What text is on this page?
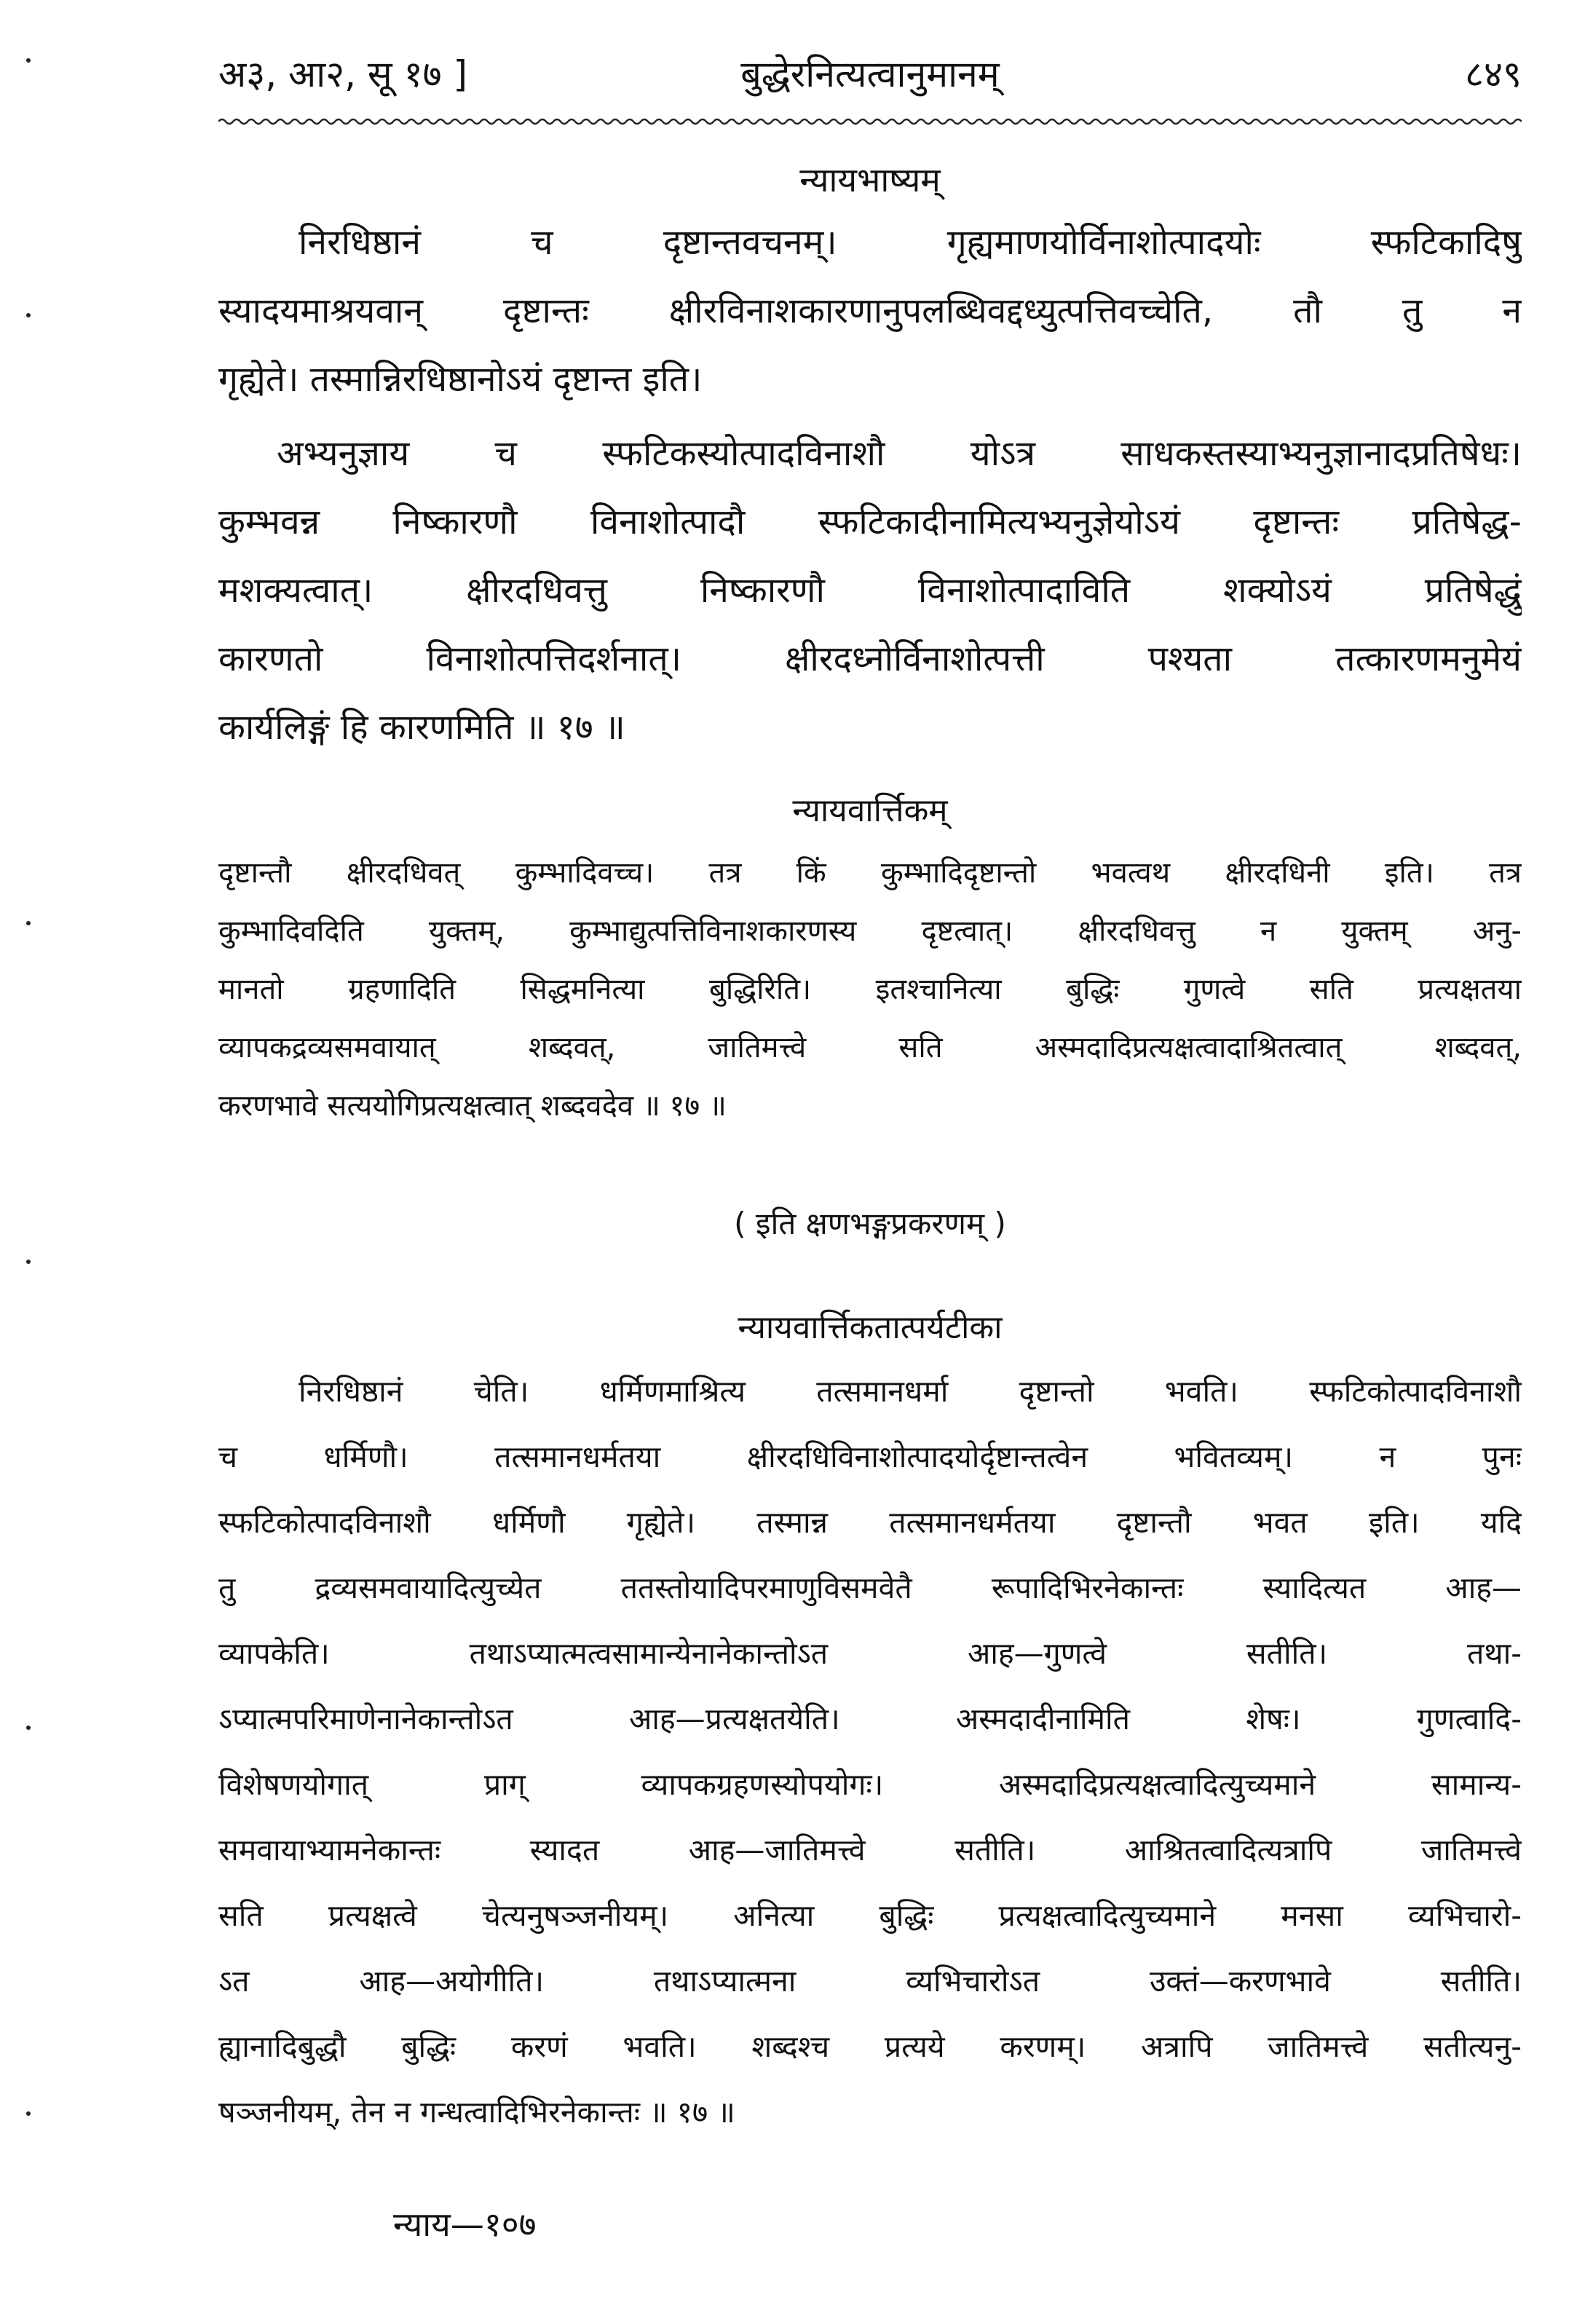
अ३, आ२, सू १७ ]	बुद्धेरनित्यत्वानुमानम्	८४९
न्यायभाष्यम्
निरधिष्ठानं च दृष्टान्तवचनम्। गृह्यमाणयोर्विनाशोत्पादयोः स्फटिकादिषु
स्यादयमाश्रयवान् दृष्टान्तः क्षीरविनाशकारणानुपलब्धिवद्दध्युत्पत्तिवच्चेति, तौ तु न
गृह्येते। तस्मान्निरधिष्ठानोऽयं दृष्टान्त इति।
अभ्यनुज्ञाय च स्फटिकस्योत्पादविनाशौ योऽत्र साधकस्तस्याभ्यनुज्ञानादप्रतिषेधः।
कुम्भवन्न निष्कारणौ विनाशोत्पादौ स्फटिकादीनामित्यभ्यनुज्ञेयोऽयं दृष्टान्तः प्रतिषेद्ध-
मशक्यत्वात्। क्षीरदधिवत्तु निष्कारणौ विनाशोत्पादाविति शक्योऽयं प्रतिषेद्धुं
कारणतो विनाशोत्पत्तिदर्शनात्। क्षीरदध्नोर्विनाशोत्पत्ती पश्यता तत्कारणमनुमेयं
कार्यलिङ्गं हि कारणमिति ॥ १७ ॥
न्यायवार्त्तिकम्
दृष्टान्तौ क्षीरदधिवत् कुम्भादिवच्च। तत्र किं कुम्भादिदृष्टान्तो भवत्वथ क्षीरदधिनी इति। तत्र
कुम्भादिवदिति युक्तम्, कुम्भाद्युत्पत्तिविनाशकारणस्य दृष्टत्वात्। क्षीरदधिवत्तु न युक्तम् अनु-
मानतो ग्रहणादिति सिद्धमनित्या बुद्धिरिति। इतश्चानित्या बुद्धिः गुणत्वे सति प्रत्यक्षतया
व्यापकद्रव्यसमवायात् शब्दवत्, जातिमत्त्वे सति अस्मदादिप्रत्यक्षत्वादाश्रितत्वात् शब्दवत्,
करणभावे सत्ययोगिप्रत्यक्षत्वात् शब्दवदेव ॥ १७ ॥
( इति क्षणभङ्गप्रकरणम् )
न्यायवार्त्तिकतात्पर्यटीका
निरधिष्ठानं चेति। धर्मिणमाश्रित्य तत्समानधर्मा दृष्टान्तो भवति। स्फटिकोत्पादविनाशौ
च धर्मिणौ। तत्समानधर्मतया क्षीरदधिविनाशोत्पादयोर्दृष्टान्तत्वेन भवितव्यम्। न पुनः
स्फटिकोत्पादविनाशौ धर्मिणौ गृह्येते। तस्मान्न तत्समानधर्मतया दृष्टान्तौ भवत इति। यदि
तु द्रव्यसमवायादित्युच्येत ततस्तोयादिपरमाणुविसमवेतै रूपादिभिरनेकान्तः स्यादित्यत आह—
व्यापकेति। तथाऽप्यात्मत्वसामान्येनानेकान्तोऽत आह—गुणत्वे सतीति। तथा-
ऽप्यात्मपरिमाणेनानेकान्तोऽत आह—प्रत्यक्षतयेति। अस्मदादीनामिति शेषः। गुणत्वादि-
विशेषणयोगात् प्राग् व्यापकग्रहणस्योपयोगः। अस्मदादिप्रत्यक्षत्वादित्युच्यमाने सामान्य-
समवायाभ्यामनेकान्तः स्यादत आह—जातिमत्त्वे सतीति। आश्रितत्वादित्यत्रापि जातिमत्त्वे
सति प्रत्यक्षत्वे चेत्यनुषञ्जनीयम्। अनित्या बुद्धिः प्रत्यक्षत्वादित्युच्यमाने मनसा व्यभिचारो-
ऽत आह—अयोगीति। तथाऽप्यात्मना व्यभिचारोऽत उक्तं—करणभावे सतीति।
ह्यानादिबुद्धौ बुद्धिः करणं भवति। शब्दश्च प्रत्यये करणम्। अत्रापि जातिमत्त्वे सतीत्यनु-
षञ्जनीयम्, तेन न गन्धत्वादिभिरनेकान्तः ॥ १७ ॥
न्याय—१०७
